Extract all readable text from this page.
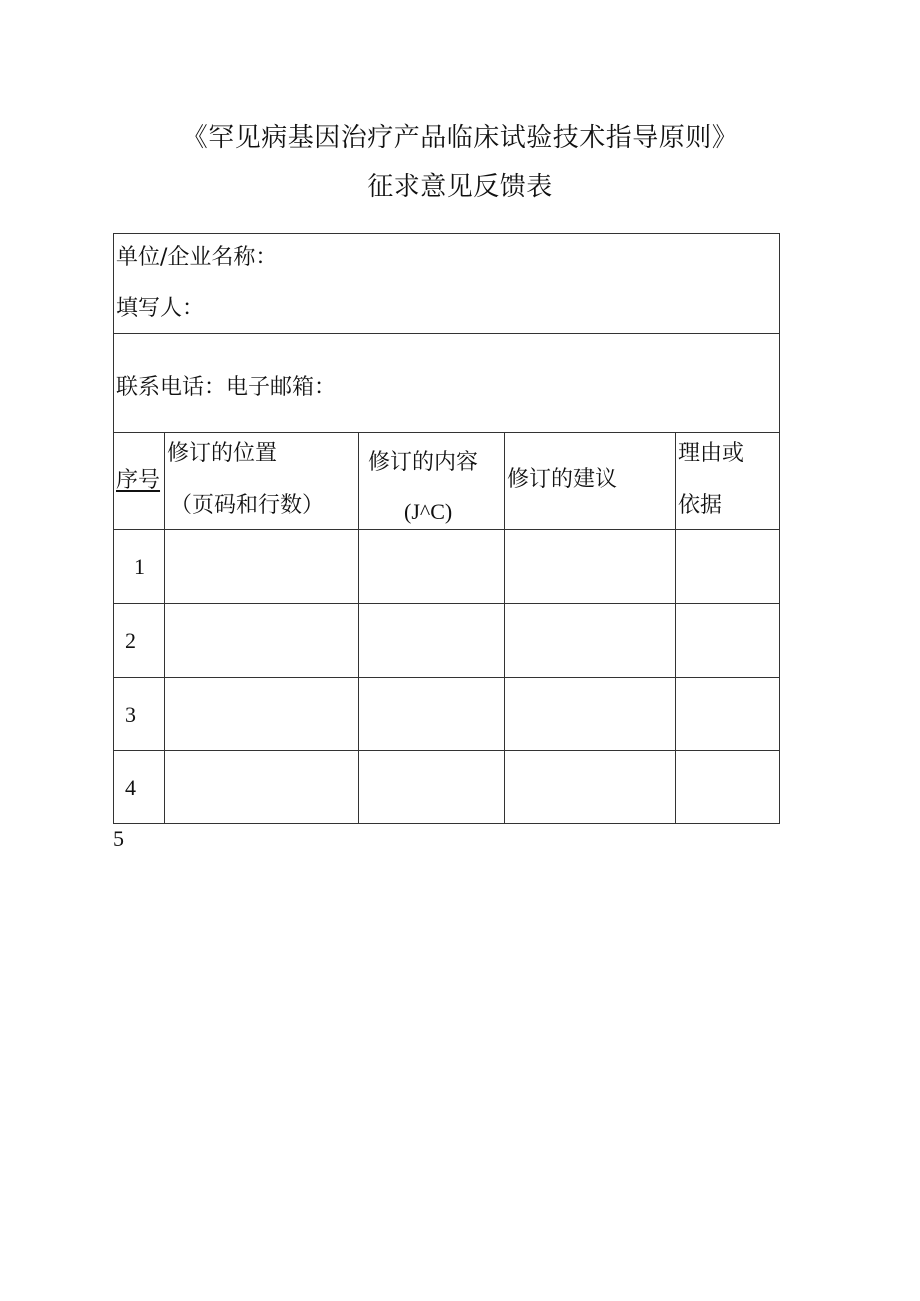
《罕见病基因治疗产品临床试验技术指导原则》
征求意见反馈表
单位/企业名称：
填写人：
联系电话：电子邮箱：
序号
修订的位置
（页码和行数）
修订的内容
(J^C)
修订的建议
理由或
依据
1
2
3
4
5
